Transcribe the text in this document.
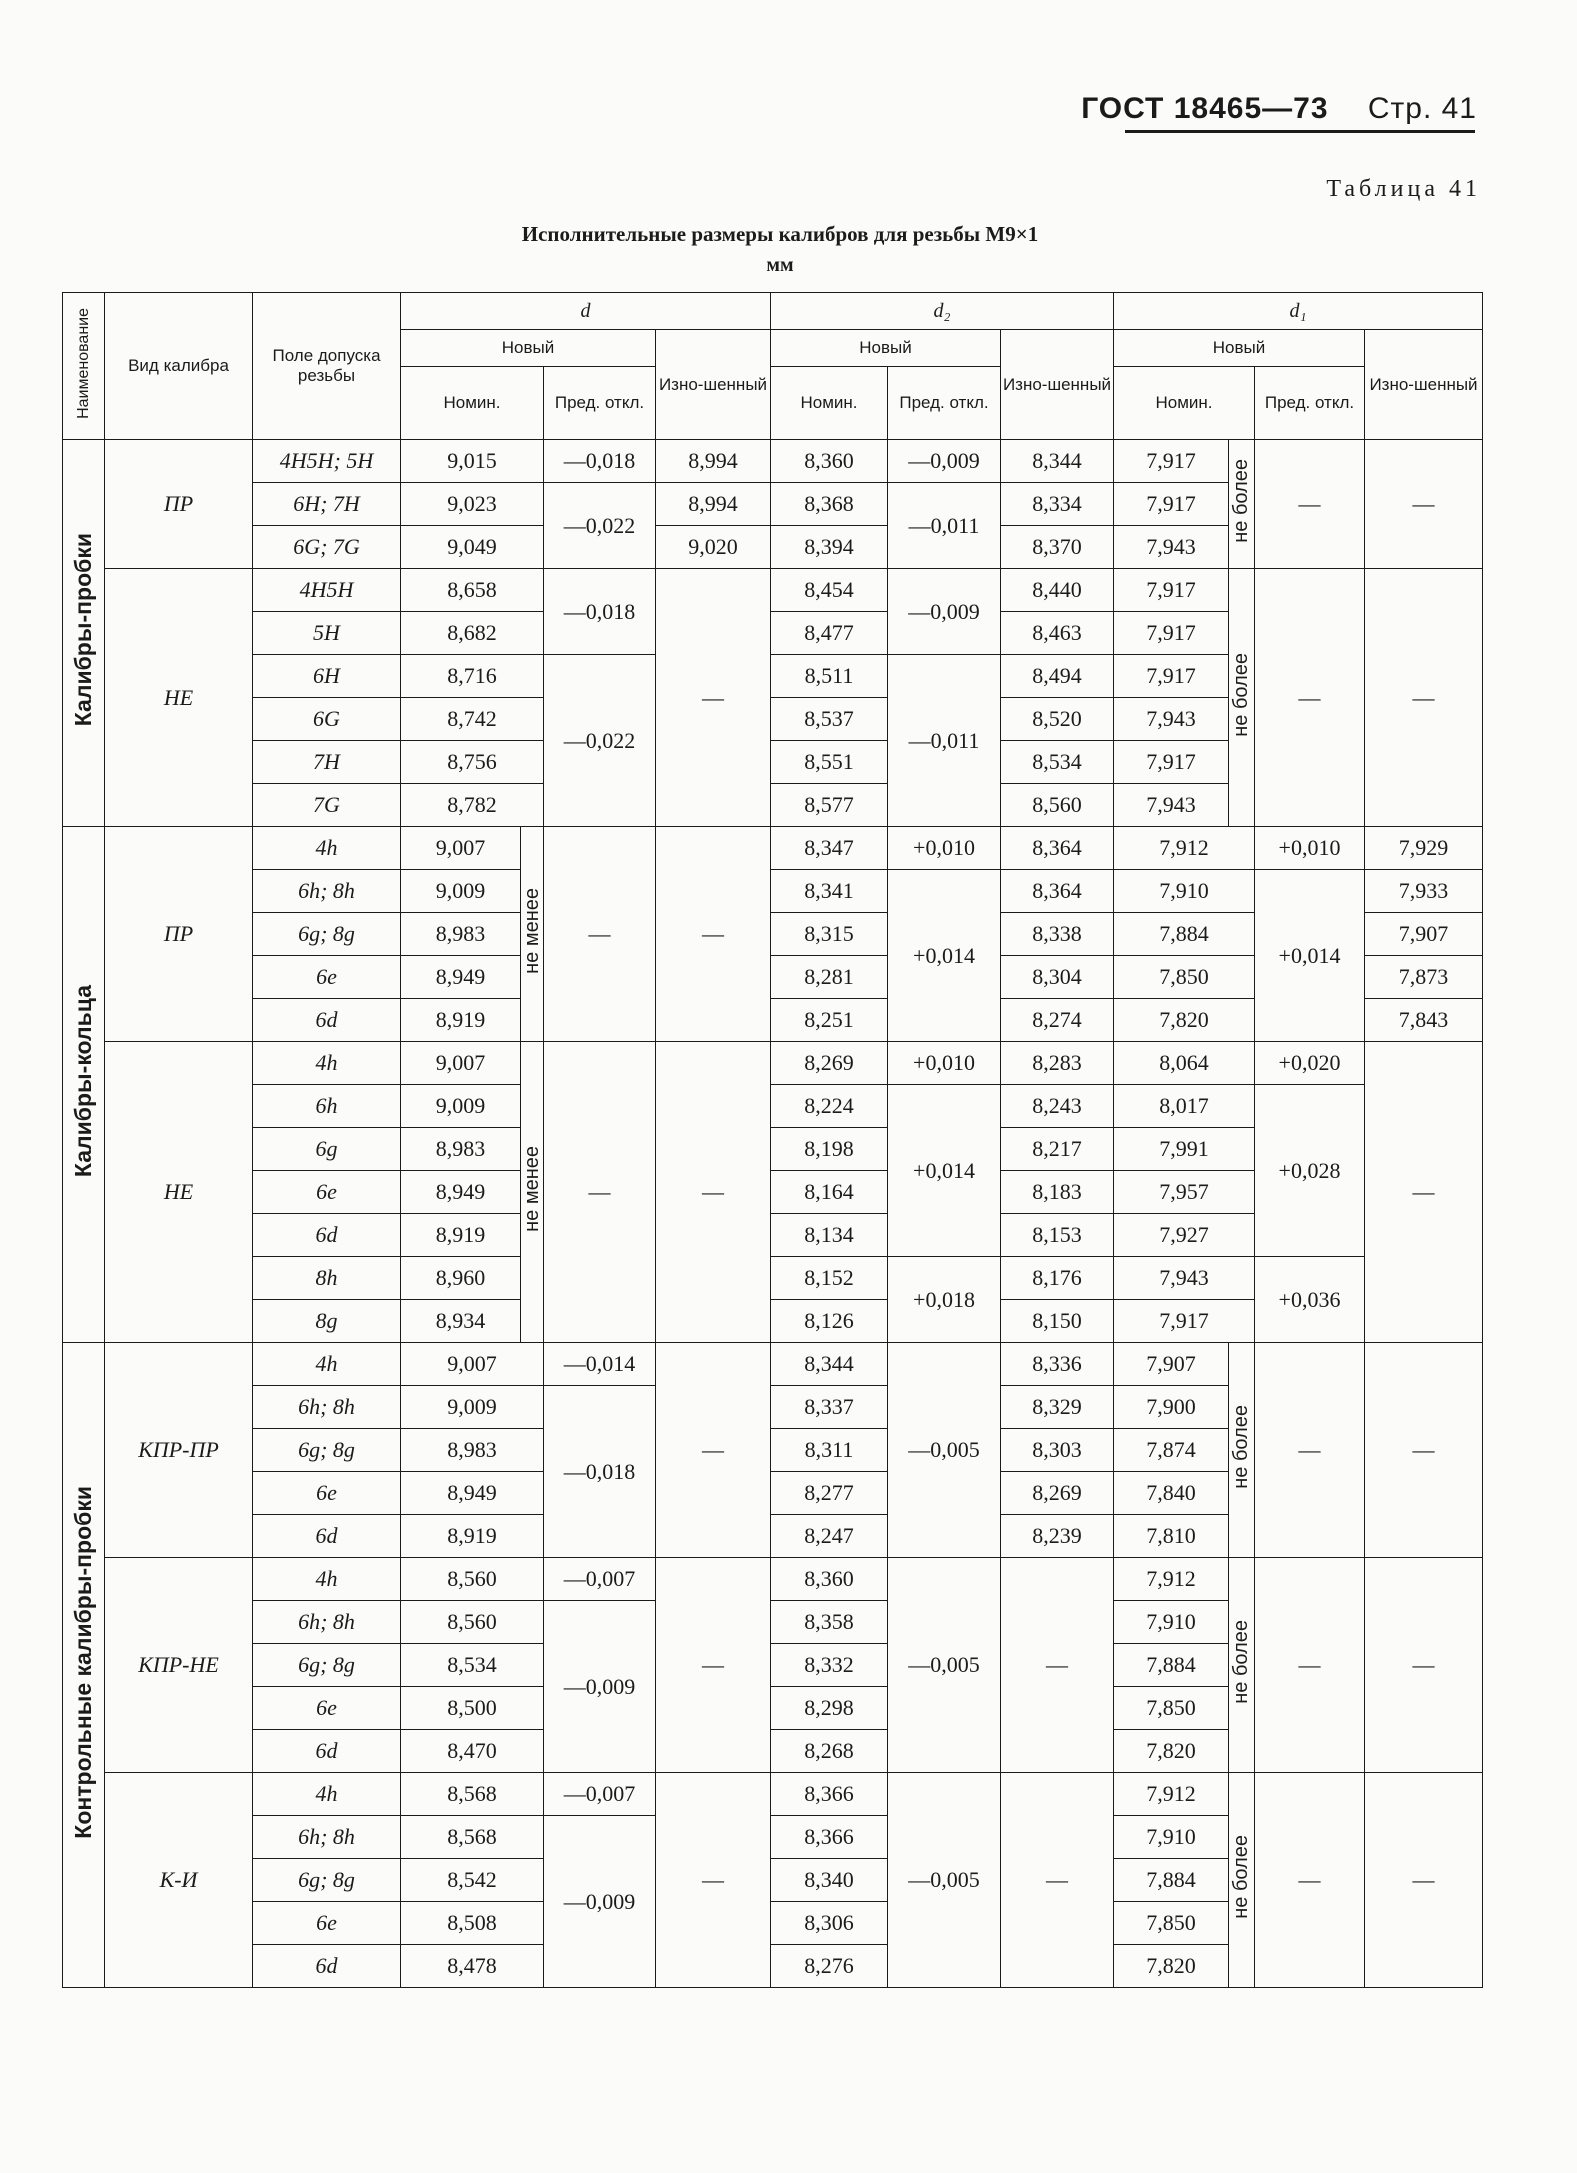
ГОСТ 18465—73 Стр. 41
Таблица 41
Исполнительные размеры калибров для резьбы М9×1
мм
Наименование	Вид калибра	Поле допуска резьбы	d				d₂			d₁			
			Новый			Изно-шенный	Новый		Изно-шенный	Новый			Изно-шенный
			Номин.		Пред. откл.		Номин.	Пред. откл.		Номин.		Пред. откл.	
Калибры-пробки	ПР	4H5H; 5H	9,015		—0,018	8,994	8,360	—0,009	8,344	7,917	не более	—	—
		6H; 7H	9,023		—0,022	8,994	8,368	—0,011	8,334	7,917			
		6G; 7G	9,049			9,020	8,394		8,370	7,943			
	НЕ	4H5H	8,658		—0,018	—	8,454	—0,009	8,440	7,917	не более	—	—
		5H	8,682				8,477		8,463	7,917			
		6H	8,716		—0,022		8,511	—0,011	8,494	7,917			
		6G	8,742				8,537		8,520	7,943			
		7H	8,756				8,551		8,534	7,917			
		7G	8,782				8,577		8,560	7,943			
Калибры-кольца	ПР	4h	9,007	не менее	—	—	8,347	+0,010	8,364	7,912		+0,010	7,929
		6h; 8h	9,009				8,341	+0,014	8,364	7,910		+0,014	7,933
		6g; 8g	8,983				8,315		8,338	7,884			7,907
		6e	8,949				8,281		8,304	7,850			7,873
		6d	8,919				8,251		8,274	7,820			7,843
	НЕ	4h	9,007	не менее	—	—	8,269	+0,010	8,283	8,064		+0,020	—
		6h	9,009				8,224	+0,014	8,243	8,017		+0,028	
		6g	8,983				8,198		8,217	7,991			
		6e	8,949				8,164		8,183	7,957			
		6d	8,919				8,134		8,153	7,927			
		8h	8,960				8,152	+0,018	8,176	7,943		+0,036	
		8g	8,934				8,126		8,150	7,917			
Контрольные калибры-пробки	КПР-ПР	4h	9,007		—0,014	—	8,344	—0,005	8,336	7,907	не более	—	—
		6h; 8h	9,009		—0,018		8,337		8,329	7,900			
		6g; 8g	8,983				8,311		8,303	7,874			
		6e	8,949				8,277		8,269	7,840			
		6d	8,919				8,247		8,239	7,810			
	КПР-НЕ	4h	8,560		—0,007	—	8,360	—0,005	—	7,912	не более	—	—
		6h; 8h	8,560		—0,009		8,358			7,910			
		6g; 8g	8,534				8,332			7,884			
		6e	8,500				8,298			7,850			
		6d	8,470				8,268			7,820			
	К-И	4h	8,568		—0,007	—	8,366	—0,005	—	7,912	не более	—	—
		6h; 8h	8,568		—0,009		8,366			7,910			
		6g; 8g	8,542				8,340			7,884			
		6e	8,508				8,306			7,850			
		6d	8,478				8,276			7,820			
